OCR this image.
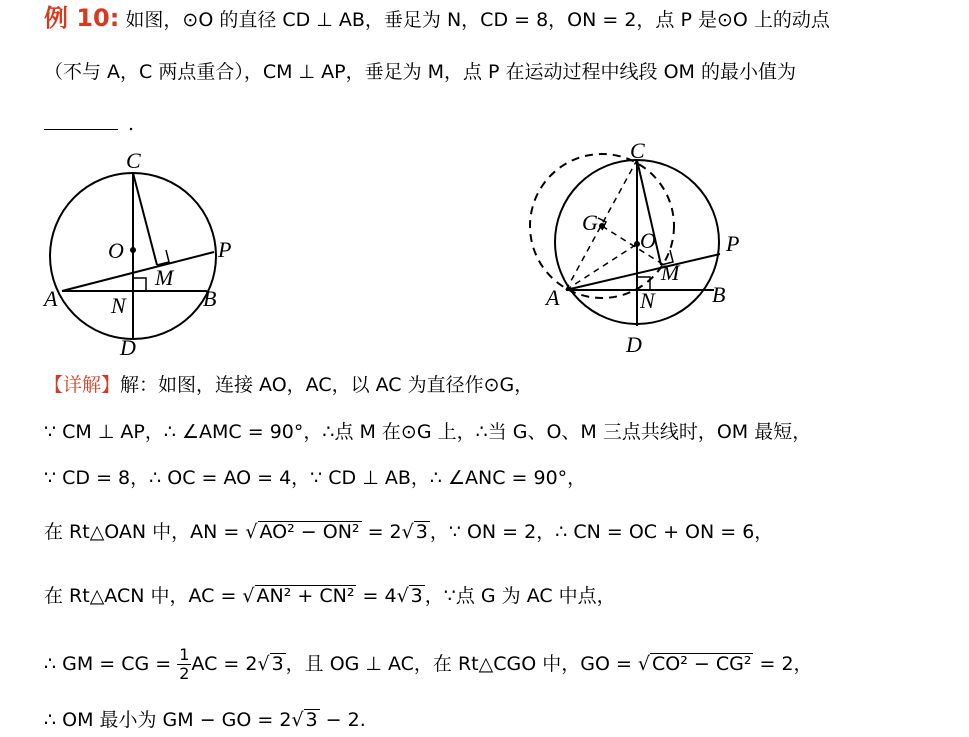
例 10: 如图，⊙O 的直径 CD ⊥ AB，垂足为 N，CD = 8，ON = 2，点 P 是⊙O 上的动点
（不与 A，C 两点重合），CM ⊥ AP，垂足为 M，点 P 在运动过程中线段 OM 的最小值为
.
C
O	P
M
A N	B
D
C
G
O	P
M
A	N	B
D
【详解】解：如图，连接 AO，AC，以 AC 为直径作⊙G，
∵ CM ⊥ AP，∴ ∠AMC = 90°，∴点 M 在⊙G 上，∴当 G、O、M 三点共线时，OM 最短，
∵ CD = 8，∴ OC = AO = 4，∵ CD ⊥ AB，∴ ∠ANC = 90°，
在 Rt△OAN 中，AN = √ AO² − ON² = 2√ 3 ，∵ ON = 2，∴ CN = OC + ON = 6，
在 Rt△ACN 中，AC = √ AN² + CN² = 4√ 3 ，∵点 G 为 AC 中点，
∴ GM = CG = $\frac{1}{2}$ AC = 2√ 3 ，且 OG ⊥ AC，在 Rt△CGO 中，GO = √ CO² − CG² = 2，
∴ OM 最小为 GM − GO = 2√ 3 − 2.
